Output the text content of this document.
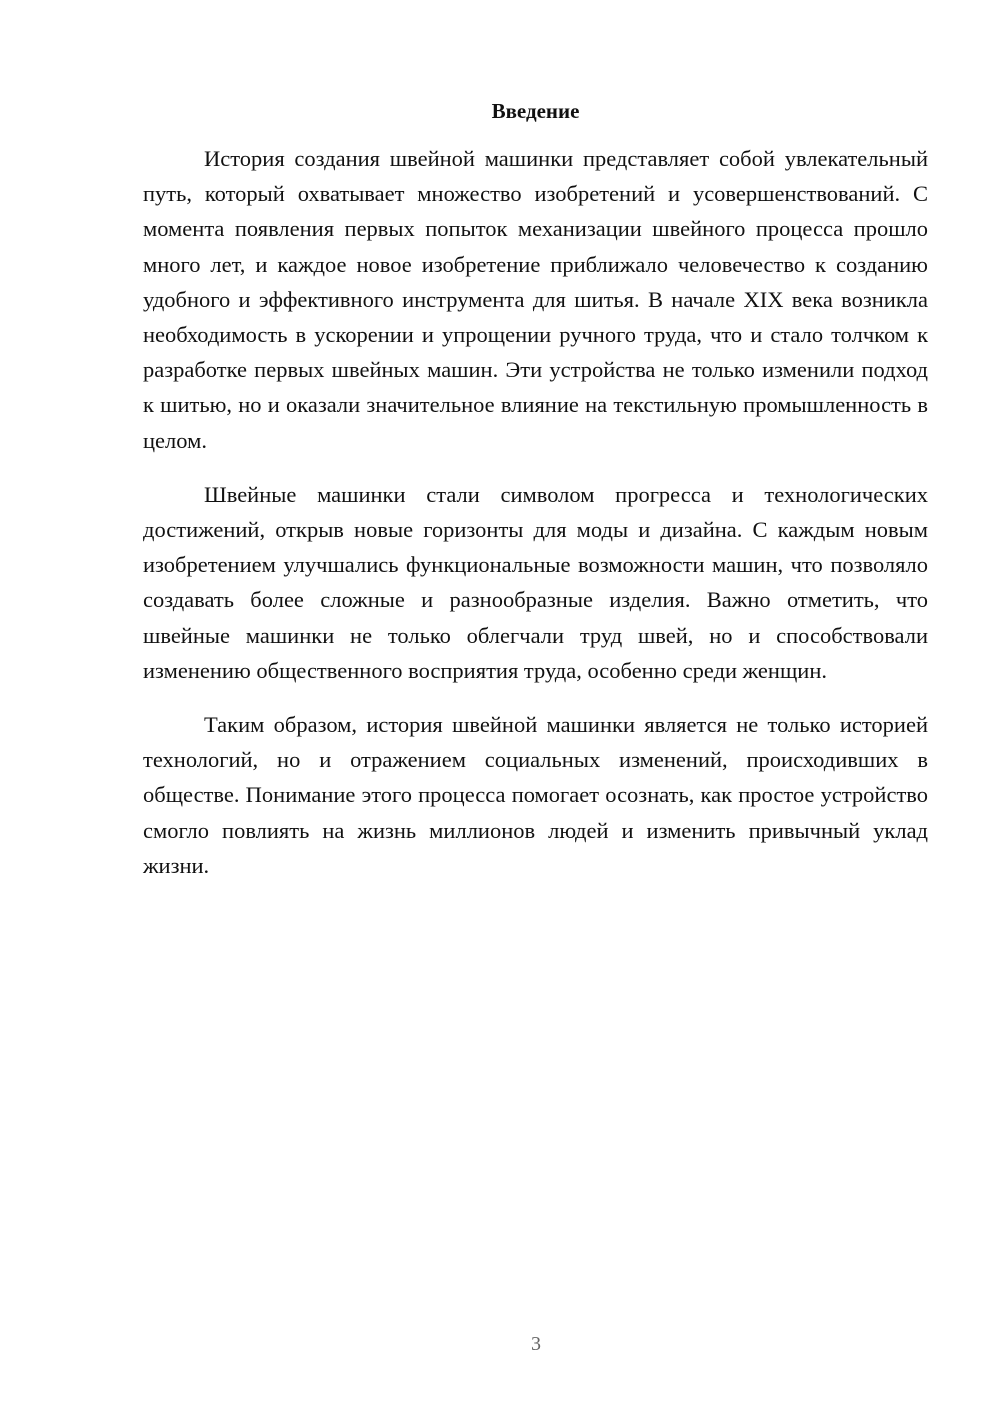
Введение

История создания швейной машинки представляет собой увлекательный путь, который охватывает множество изобретений и усовершенствований. С момента появления первых попыток механизации швейного процесса прошло много лет, и каждое новое изобретение приближало человечество к созданию удобного и эффективного инструмента для шитья. В начале XIX века возникла необходимость в ускорении и упрощении ручного труда, что и стало толчком к разработке первых швейных машин. Эти устройства не только изменили подход к шитью, но и оказали значительное влияние на текстильную промышленность в целом.

Швейные машинки стали символом прогресса и технологических достижений, открыв новые горизонты для моды и дизайна. С каждым новым изобретением улучшались функциональные возможности машин, что позволяло создавать более сложные и разнообразные изделия. Важно отметить, что швейные машинки не только облегчали труд швей, но и способствовали изменению общественного восприятия труда, особенно среди женщин.

Таким образом, история швейной машинки является не только историей технологий, но и отражением социальных изменений, происходивших в обществе. Понимание этого процесса помогает осознать, как простое устройство смогло повлиять на жизнь миллионов людей и изменить привычный уклад жизни.

3
